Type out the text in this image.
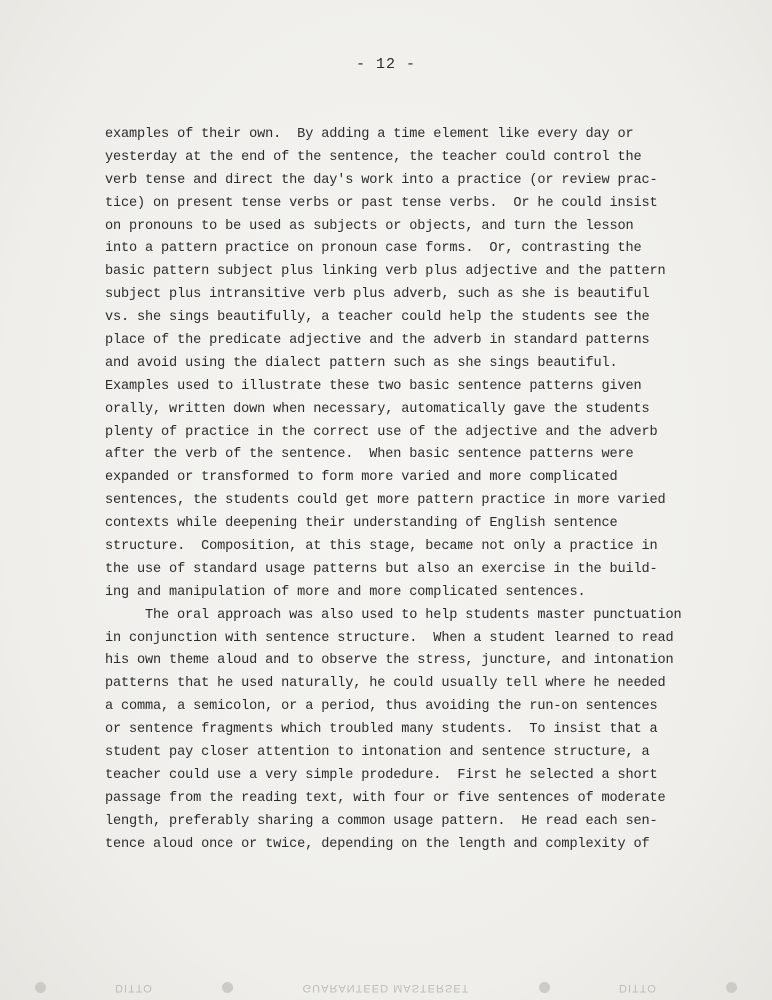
- 12 -
examples of their own.  By adding a time element like every day or
yesterday at the end of the sentence, the teacher could control the
verb tense and direct the day's work into a practice (or review prac-
tice) on present tense verbs or past tense verbs.  Or he could insist
on pronouns to be used as subjects or objects, and turn the lesson
into a pattern practice on pronoun case forms.  Or, contrasting the
basic pattern subject plus linking verb plus adjective and the pattern
subject plus intransitive verb plus adverb, such as she is beautiful
vs. she sings beautifully, a teacher could help the students see the
place of the predicate adjective and the adverb in standard patterns
and avoid using the dialect pattern such as she sings beautiful.
Examples used to illustrate these two basic sentence patterns given
orally, written down when necessary, automatically gave the students
plenty of practice in the correct use of the adjective and the adverb
after the verb of the sentence.  When basic sentence patterns were
expanded or transformed to form more varied and more complicated
sentences, the students could get more pattern practice in more varied
contexts while deepening their understanding of English sentence
structure.  Composition, at this stage, became not only a practice in
the use of standard usage patterns but also an exercise in the build-
ing and manipulation of more and more complicated sentences.
The oral approach was also used to help students master punctuation
in conjunction with sentence structure.  When a student learned to read
his own theme aloud and to observe the stress, juncture, and intonation
patterns that he used naturally, he could usually tell where he needed
a comma, a semicolon, or a period, thus avoiding the run-on sentences
or sentence fragments which troubled many students.  To insist that a
student pay closer attention to intonation and sentence structure, a
teacher could use a very simple prodedure.  First he selected a short
passage from the reading text, with four or five sentences of moderate
length, preferably sharing a common usage pattern.  He read each sen-
tence aloud once or twice, depending on the length and complexity of
DITTO	GUARANTEED MASTERSET	DITTO
